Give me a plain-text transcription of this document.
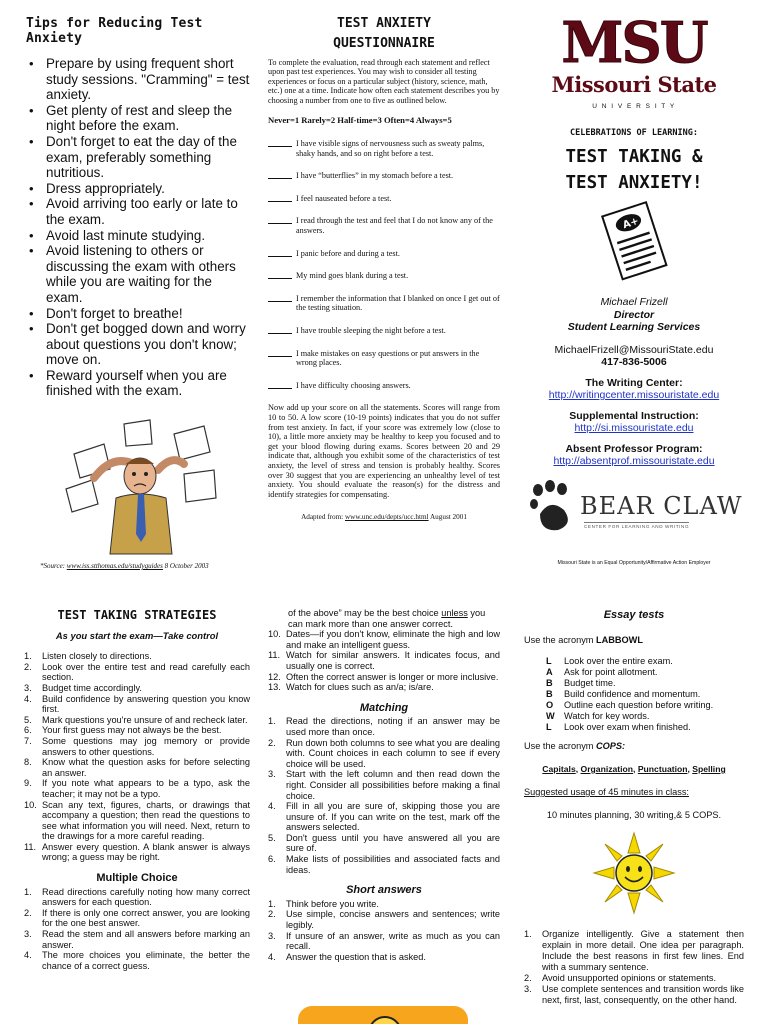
Tips for Reducing Test Anxiety
• Prepare by using frequent short study sessions. "Cramming" = test anxiety.
• Get plenty of rest and sleep the night before the exam.
• Don't forget to eat the day of the exam, preferably something nutritious.
• Dress appropriately.
• Avoid arriving too early or late to the exam.
• Avoid last minute studying.
• Avoid listening to others or discussing the exam with others while you are waiting for the exam.
• Don't forget to breathe!
• Don't get bogged down and worry about questions you don't know; move on.
• Reward yourself when you are finished with the exam.
*Source: www.iss.stthomas.edu/studyguides 8 October 2003
TEST ANXIETY
QUESTIONNAIRE

To complete the evaluation, read through each statement and reflect upon past test experiences. You may wish to consider all testing experiences or focus on a particular subject (history, science, math, etc.) one at a time. Indicate how often each statement describes you by choosing a number from one to five as outlined below.

Never=1 Rarely=2 Half-time=3 Often=4 Always=5

I have visible signs of nervousness such as sweaty palms, shaky hands, and so on right before a test.
I have “butterflies” in my stomach before a test.
I feel nauseated before a test.
I read through the test and feel that I do not know any of the answers.
I panic before and during a test.
My mind goes blank during a test.
I remember the information that I blanked on once I get out of the testing situation.
I have trouble sleeping the night before a test.
I make mistakes on easy questions or put answers in the wrong places.
I have difficulty choosing answers.

Now add up your score on all the statements. Scores will range from 10 to 50. A low score (10-19 points) indicates that you do not suffer from test anxiety. In fact, if your score was extremely low (close to 10), a little more anxiety may be healthy to keep you focused and to get your blood flowing during exams. Scores between 20 and 29 indicate that, although you exhibit some of the characteristics of test anxiety, the level of stress and tension is probably healthy. Scores over 30 suggest that you are experiencing an unhealthy level of test anxiety. You should evaluate the reason(s) for the distress and identify strategies for compensating.

Adapted from: www.unc.edu/depts/ucc.html August 2001

MSU
Missouri State
U N I V E R S I T Y
CELEBRATIONS OF LEARNING:
TEST TAKING &
TEST ANXIETY!
A+
Michael Frizell
Director
Student Learning Services
MichaelFrizell@MissouriState.edu
417-836-5006
The Writing Center:
http://writingcenter.missouristate.edu
Supplemental Instruction:
http://si.missouristate.edu
Absent Professor Program:
http://absentprof.missouristate.edu
BEAR CLAW
CENTER FOR LEARNING AND WRITING
Missouri State is an Equal Opportunity/Affirmative Action Employer
TEST TAKING STRATEGIES
As you start the exam—Take control
1.	Listen closely to directions.
2.	Look over the entire test and read carefully each section.
3.	Budget time accordingly.
4.	Build confidence by answering question you know first.
5.	Mark questions you're unsure of and recheck later.
6.	Your first guess may not always be the best.
7.	Some questions may jog memory or provide answers to other questions.
8.	Know what the question asks for before selecting an answer.
9.	If you note what appears to be a typo, ask the teacher; it may not be a typo.
10. Scan any text, figures, charts, or drawings that accompany a question; then read the questions to see what information you will need. Next, return to the drawings for a more careful reading.
11. Answer every question. A blank answer is always wrong; a guess may be right.
Multiple Choice
1.	Read directions carefully noting how many correct answers for each question.
2.	If there is only one correct answer, you are looking for the one best answer.
3.	Read the stem and all answers before marking an answer.
4.	The more choices you eliminate, the better the chance of a correct guess.

of the above” may be the best choice unless you can mark more than one answer correct.

10. Dates—if you don't know, eliminate the high and low and make an intelligent guess.
11. Watch for similar answers. It indicates focus, and usually one is correct.
12. Often the correct answer is longer or more inclusive.
13. Watch for clues such as an/a; is/are.
Matching
1.	Read the directions, noting if an answer may be used more than once.
2.	Run down both columns to see what you are dealing with. Count choices in each column to see if every choice will be used.
3.	Start with the left column and then read down the right. Consider all possibilities before making a final choice.
4.	Fill in all you are sure of, skipping those you are unsure of. If you can write on the test, mark off the answers selected.
5.	Don't guess until you have answered all you are sure of.
6.	Make lists of possibilities and associated facts and ideas.
Short answers
1.	Think before you write.
2.	Use simple, concise answers and sentences; write legibly.
3.	If unsure of an answer, write as much as you can recall.
4.	Answer the question that is asked.
Essay tests

Use the acronym LABBOWL

L	Look over the entire exam.
A	Ask for point allotment.
B	Budget time.
B	Build confidence and momentum.
O	Outline each question before writing.
W	Watch for key words.
L	Look over exam when finished.

Use the acronym COPS:

Capitals, Organization, Punctuation, Spelling

Suggested usage of 45 minutes in class:

10 minutes planning, 30 writing,& 5 COPS.

1.	Organize intelligently. Give a statement then explain in more detail. One idea per paragraph. Include the best reasons in first few lines. End with a summary sentence.
2.	Avoid unsupported opinions or statements.
3.	Use complete sentences and transition words like next, first, last, consequently, on the other hand.
